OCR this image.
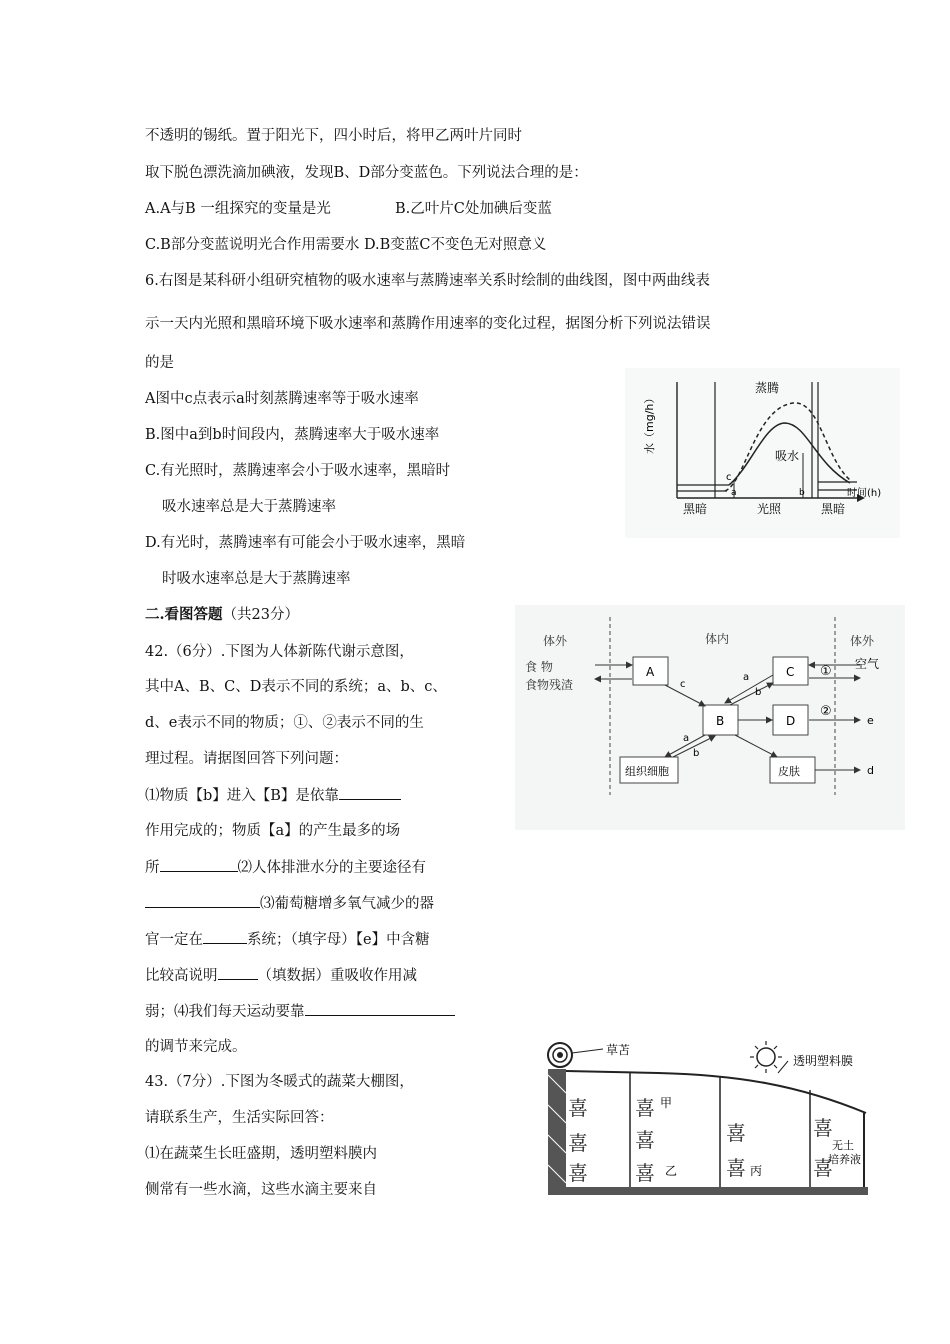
不透明的锡纸。置于阳光下，四小时后，将甲乙两叶片同时
取下脱色漂洗滴加碘液，发现B、D部分变蓝色。下列说法合理的是：
A.A与B 一组探究的变量是光	B.乙叶片C处加碘后变蓝
C.B部分变蓝说明光合作用需要水 D.B变蓝C不变色无对照意义
6.右图是某科研小组研究植物的吸水速率与蒸腾速率关系时绘制的曲线图，图中两曲线表
示一天内光照和黑暗环境下吸水速率和蒸腾作用速率的变化过程，据图分析下列说法错误
的是
A图中c点表示a时刻蒸腾速率等于吸水速率
B.图中a到b时间段内，蒸腾速率大于吸水速率
C.有光照时，蒸腾速率会小于吸水速率，黑暗时
吸水速率总是大于蒸腾速率
D.有光时，蒸腾速率有可能会小于吸水速率，黑暗
时吸水速率总是大于蒸腾速率
水（mg/h）
蒸腾
吸水
c
a	b
黑暗	光照	黑暗
时间(h)
二.看图答题（共23分）
42.（6分）.下图为人体新陈代谢示意图，
其中A、B、C、D表示不同的系统；a、b、c、
d、e表示不同的物质；①、②表示不同的生
理过程。请据图回答下列问题：
⑴物质【b】进入【B】是依靠
作用完成的；物质【a】的产生最多的场
所	⑵人体排泄水分的主要途径有
⑶葡萄糖增多氧气减少的器
官一定在	系统；（填字母）【e】中含糖
比较高说明	（填数据）重吸收作用减
弱；⑷我们每天运动要靠
的调节来完成。
体外	体内	体外
食 物
食物残渣
A	C
B	D
组织细胞	皮肤
c
a
b
a
b
①
②
空气
e
d
43.（7分）.下图为冬暖式的蔬菜大棚图，
请联系生产，生活实际回答：
⑴在蔬菜生长旺盛期，透明塑料膜内
侧常有一些水滴，这些水滴主要来自
草苫
透明塑料膜
喜
喜
喜
喜
喜
喜
喜
喜
喜
喜
甲
乙	丙
无土
培养液
